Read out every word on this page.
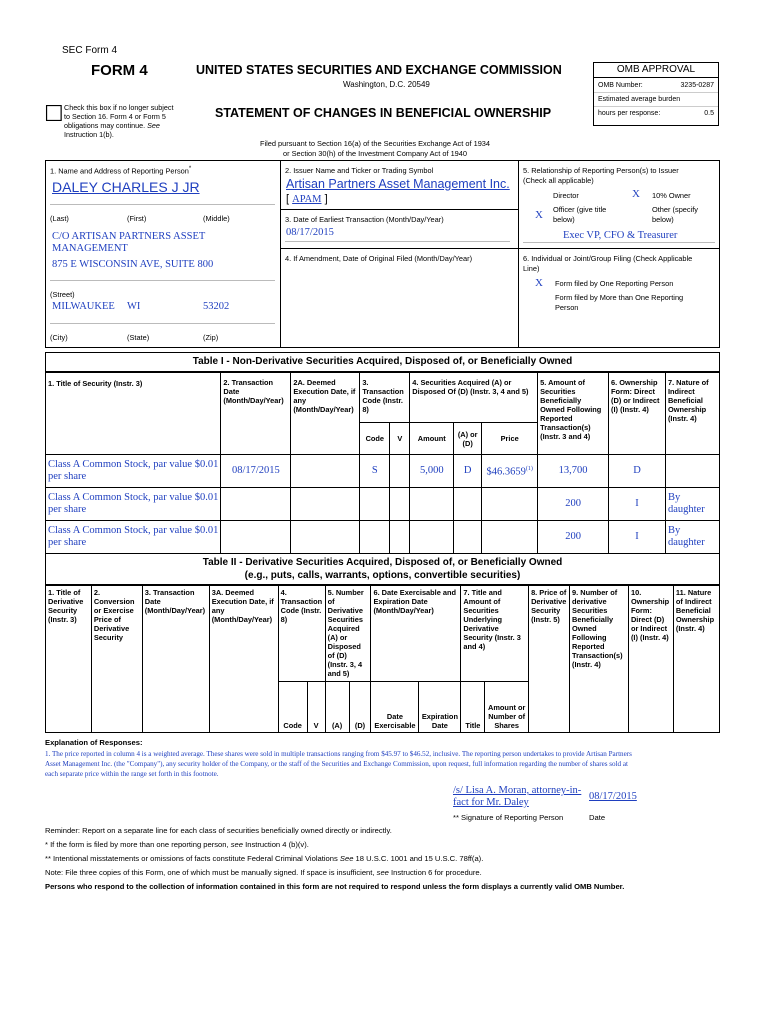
SEC Form 4
FORM 4	UNITED STATES SECURITIES AND EXCHANGE COMMISSION
Washington, D.C. 20549
☐ Check this box if no longer subject
to Section 16. Form 4 or Form 5
obligations may continue. See
Instruction 1(b).
STATEMENT OF CHANGES IN BENEFICIAL OWNERSHIP
Filed pursuant to Section 16(a) of the Securities Exchange Act of 1934
or Section 30(h) of the Investment Company Act of 1940
OMB APPROVAL
OMB Number:	3235-0287
Estimated average burden
hours per response:	0.5
1. Name and Address of Reporting Person*
DALEY CHARLES J JR
(Last)	(First)	(Middle)
C/O ARTISAN PARTNERS ASSET
MANAGEMENT
875 E WISCONSIN AVE, SUITE 800
(Street)
MILWAUKEE WI	53202
(City)	(State)	(Zip)
2. Issuer Name and Ticker or Trading Symbol
Artisan Partners Asset Management Inc.
[ APAM ]
3. Date of Earliest Transaction (Month/Day/Year)
08/17/2015
4. If Amendment, Date of Original Filed (Month/Day/Year)
5. Relationship of Reporting Person(s) to Issuer
(Check all applicable)
Director	X 10% Owner
X Officer (give title
below)
Other (specify
below)
Exec VP, CFO & Treasurer
6. Individual or Joint/Group Filing (Check Applicable
Line)
X Form filed by One Reporting Person
Form filed by More than One Reporting
Person
Table I - Non-Derivative Securities Acquired, Disposed of, or Beneficially Owned
1. Title of Security (Instr. 3)	2. Transaction Date (Month/Day/Year)	2A. Deemed Execution Date, if any (Month/Day/Year)	3. Transaction Code (Instr. 8)		4. Securities Acquired (A) or Disposed Of (D) (Instr. 3, 4 and 5)			5. Amount of Securities Beneficially Owned Following Reported Transaction(s) (Instr. 3 and 4)	6. Ownership Form: Direct (D) or Indirect (I) (Instr. 4)	7. Nature of Indirect Beneficial Ownership (Instr. 4)
			Code	V	Amount	(A) or (D)	Price			
Class A Common Stock, par value $0.01 per share	08/17/2015		S		5,000	D	$46.3659$^{(1)}$	13,700	D	
Class A Common Stock, par value $0.01 per share								200	I	By daughter
Class A Common Stock, par value $0.01 per share								200	I	By daughter
Table II - Derivative Securities Acquired, Disposed of, or Beneficially Owned
(e.g., puts, calls, warrants, options, convertible securities)
1. Title of Derivative Security (Instr. 3)	2. Conversion or Exercise Price of Derivative Security	3. Transaction Date (Month/Day/Year)	3A. Deemed Execution Date, if any (Month/Day/Year)	4. Transaction Code (Instr. 8)		5. Number of Derivative Securities Acquired (A) or Disposed of (D) (Instr. 3, 4 and 5)		6. Date Exercisable and Expiration Date (Month/Day/Year)		7. Title and Amount of Securities Underlying Derivative Security (Instr. 3 and 4)		8. Price of Derivative Security (Instr. 5)	9. Number of derivative Securities Beneficially Owned Following Reported Transaction(s) (Instr. 4)	10. Ownership Form: Direct (D) or Indirect (I) (Instr. 4)	11. Nature of Indirect Beneficial Ownership (Instr. 4)
				Code	V	(A)	(D)	Date Exercisable	Expiration Date	Title	Amount or Number of Shares				
Explanation of Responses:
1. The price reported in column 4 is a weighted average. These shares were sold in multiple transactions ranging from $45.97 to $46.52, inclusive. The reporting person undertakes to provide Artisan Partners
Asset Management Inc. (the "Company"), any security holder of the Company, or the staff of the Securities and Exchange Commission, upon request, full information regarding the number of shares sold at
each separate price within the range set forth in this footnote.
/s/ Lisa A. Moran, attorney-in-
fact for Mr. Daley
08/17/2015
** Signature of Reporting Person	Date
Reminder: Report on a separate line for each class of securities beneficially owned directly or indirectly.
* If the form is filed by more than one reporting person, see Instruction 4 (b)(v).
** Intentional misstatements or omissions of facts constitute Federal Criminal Violations See 18 U.S.C. 1001 and 15 U.S.C. 78ff(a).
Note: File three copies of this Form, one of which must be manually signed. If space is insufficient, see Instruction 6 for procedure.
Persons who respond to the collection of information contained in this form are not required to respond unless the form displays a currently valid OMB Number.
